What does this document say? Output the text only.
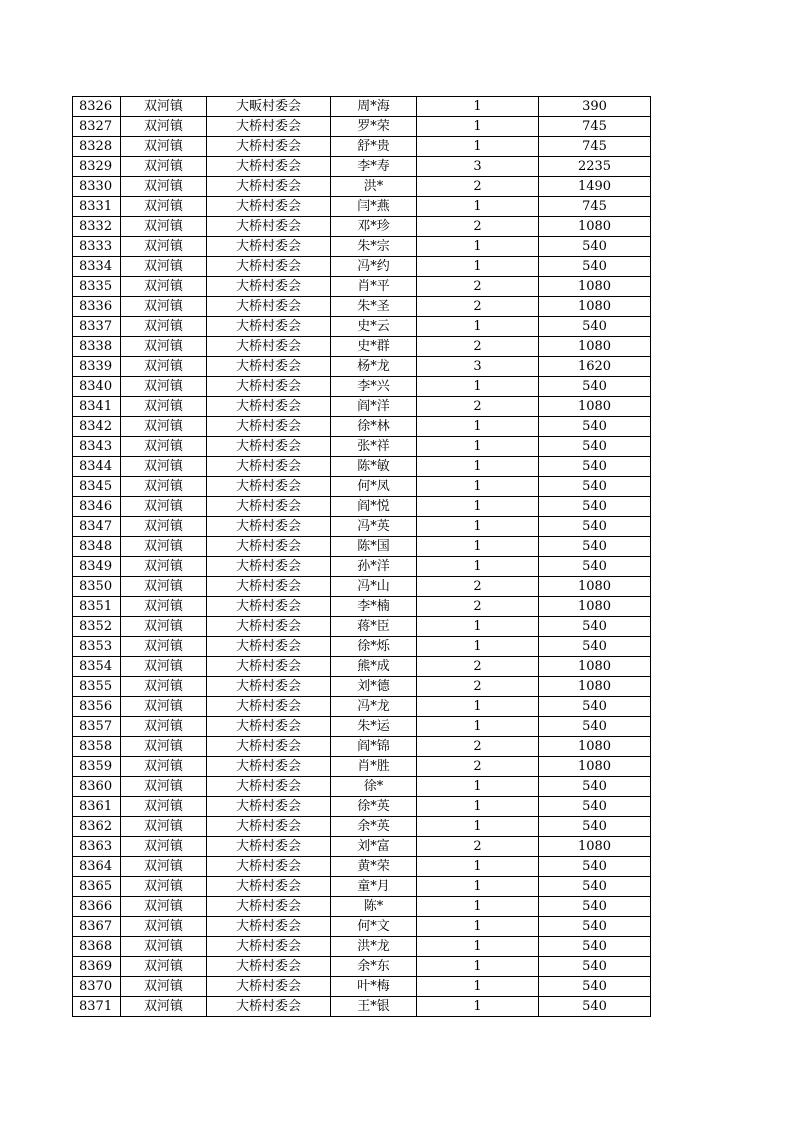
8326	双河镇	大畈村委会	周*海	1	390
8327	双河镇	大桥村委会	罗*荣	1	745
8328	双河镇	大桥村委会	舒*贵	1	745
8329	双河镇	大桥村委会	李*寿	3	2235
8330	双河镇	大桥村委会	洪*	2	1490
8331	双河镇	大桥村委会	闫*燕	1	745
8332	双河镇	大桥村委会	邓*珍	2	1080
8333	双河镇	大桥村委会	朱*宗	1	540
8334	双河镇	大桥村委会	冯*约	1	540
8335	双河镇	大桥村委会	肖*平	2	1080
8336	双河镇	大桥村委会	朱*圣	2	1080
8337	双河镇	大桥村委会	史*云	1	540
8338	双河镇	大桥村委会	史*群	2	1080
8339	双河镇	大桥村委会	杨*龙	3	1620
8340	双河镇	大桥村委会	李*兴	1	540
8341	双河镇	大桥村委会	阎*洋	2	1080
8342	双河镇	大桥村委会	徐*林	1	540
8343	双河镇	大桥村委会	张*祥	1	540
8344	双河镇	大桥村委会	陈*敏	1	540
8345	双河镇	大桥村委会	何*凤	1	540
8346	双河镇	大桥村委会	阎*悦	1	540
8347	双河镇	大桥村委会	冯*英	1	540
8348	双河镇	大桥村委会	陈*国	1	540
8349	双河镇	大桥村委会	孙*洋	1	540
8350	双河镇	大桥村委会	冯*山	2	1080
8351	双河镇	大桥村委会	李*楠	2	1080
8352	双河镇	大桥村委会	蒋*臣	1	540
8353	双河镇	大桥村委会	徐*烁	1	540
8354	双河镇	大桥村委会	熊*成	2	1080
8355	双河镇	大桥村委会	刘*德	2	1080
8356	双河镇	大桥村委会	冯*龙	1	540
8357	双河镇	大桥村委会	朱*运	1	540
8358	双河镇	大桥村委会	阎*锦	2	1080
8359	双河镇	大桥村委会	肖*胜	2	1080
8360	双河镇	大桥村委会	徐*	1	540
8361	双河镇	大桥村委会	徐*英	1	540
8362	双河镇	大桥村委会	余*英	1	540
8363	双河镇	大桥村委会	刘*富	2	1080
8364	双河镇	大桥村委会	黄*荣	1	540
8365	双河镇	大桥村委会	童*月	1	540
8366	双河镇	大桥村委会	陈*	1	540
8367	双河镇	大桥村委会	何*文	1	540
8368	双河镇	大桥村委会	洪*龙	1	540
8369	双河镇	大桥村委会	余*东	1	540
8370	双河镇	大桥村委会	叶*梅	1	540
8371	双河镇	大桥村委会	王*银	1	540
